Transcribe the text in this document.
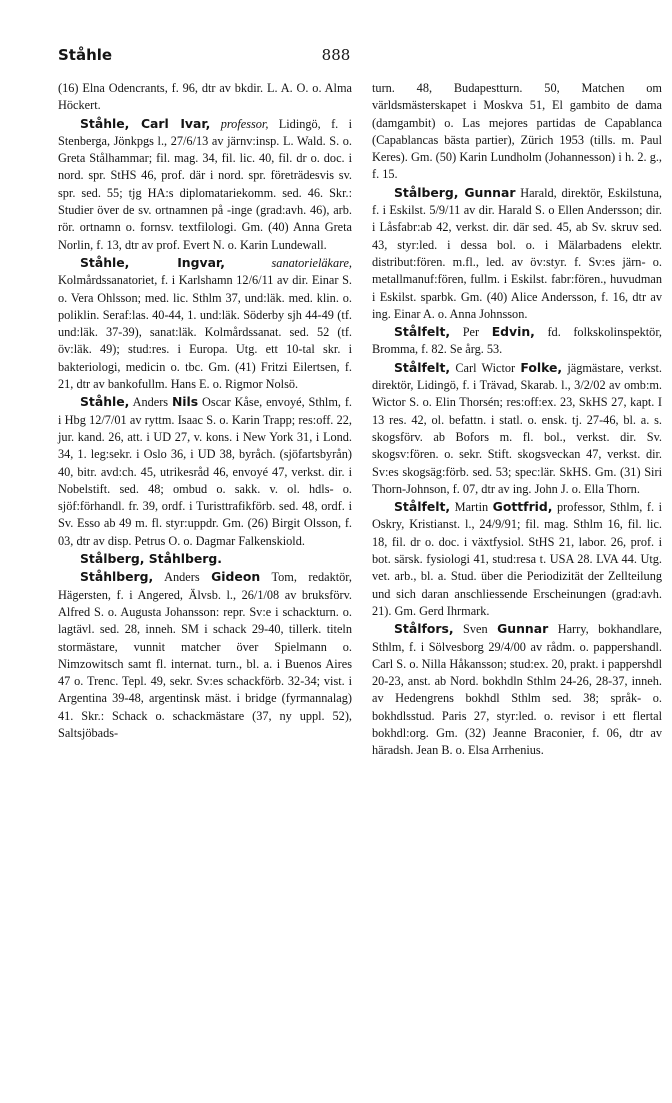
Ståhle	888

(16) Elna Odencrants, f. 96, dtr av bkdir. L. A. O. o. Alma Höckert.

Ståhle, Carl Ivar, professor, Lidingö, f. i Stenberga, Jönkpgs l., 27/6/13 av järnv:insp. L. Wald. S. o. Greta Stålhammar; fil. mag. 34, fil. lic. 40, fil. dr o. doc. i nord. spr. StHS 46, prof. där i nord. spr. företrädesvis sv. spr. sed. 55; tjg HA:s diplomatariekomm. sed. 46. Skr.: Studier över de sv. ortnamnen på -inge (grad:avh. 46), arb. rör. ortnamn o. fornsv. textfilologi. Gm. (40) Anna Greta Norlin, f. 13, dtr av prof. Evert N. o. Karin Lundewall.

Ståhle, Ingvar,	sanatorieläkare, Kolmårdssanatoriet, f. i Karlshamn 12/6/11 av dir. Einar S. o. Vera Ohlsson; med. lic. Sthlm 37, und:läk. med. klin. o. poliklin. Seraf:las. 40-44, 1. und:läk. Söderby sjh 44-49 (tf. und:läk. 37-39), sanat:läk. Kolmårdssanat. sed. 52 (tf. öv:läk. 49); stud:res. i Europa. Utg. ett 10-tal skr. i bakteriologi, medicin o. tbc. Gm. (41) Fritzi Eilertsen, f. 21, dtr av bankofullm. Hans E. o. Rigmor Nolsö.

Ståhle, Anders Nils Oscar Kåse, envoyé, Sthlm, f. i Hbg 12/7/01 av ryttm. Isaac S. o. Karin Trapp; res:off. 22, jur. kand. 26, att. i UD 27, v. kons. i New York 31, i Lond. 34, 1. leg:sekr. i Oslo 36, i UD 38, byråch. (sjöfartsbyrån) 40, bitr. avd:ch. 45, utrikesråd 46, envoyé 47, verkst. dir. i Nobelstift. sed. 48; ombud o. sakk. v. ol. hdls- o. sjöf:förhandl. fr. 39, ordf. i Turisttrafikförb. sed. 48, ordf. i Sv. Esso ab 49 m. fl. styr:uppdr. Gm. (26) Birgit Olsson, f. 03, dtr av disp. Petrus O. o. Dagmar Falkenskiold.

Stålberg, Ståhlberg.

Ståhlberg, Anders Gideon Tom, redaktör, Hägersten, f. i Angered, Älvsb. l., 26/1/08 av bruksförv. Alfred S. o. Augusta Johansson: repr. Sv:e i schackturn. o. lagtävl. sed. 28, inneh. SM i schack 29-40, tillerk. titeln stormästare, vunnit matcher över Spielmann o. Nimzowitsch samt fl. internat. turn., bl. a. i Buenos Aires 47 o. Trenc. Tepl. 49, sekr. Sv:es schackförb. 32-34; vist. i Argentina 39-48, argentinsk mäst. i bridge (fyrmannalag) 41. Skr.: Schack o. schackmästare (37, ny uppl. 52), Saltsjöbads-

turn. 48, Budapestturn. 50, Matchen om världsmästerskapet i Moskva 51, El gambito de dama (damgambit) o. Las mejores partidas de Capablanca (Capablancas bästa partier), Zürich 1953 (tills. m. Paul Keres). Gm. (50) Karin Lundholm (Johannesson) i h. 2. g., f. 15.

Stålberg, Gunnar Harald, direktör, Eskilstuna, f. i Eskilst. 5/9/11 av dir. Harald S. o Ellen Andersson; dir. i Låsfabr:ab 42, verkst. dir. där sed. 45, ab Sv. skruv sed. 43, styr:led. i dessa bol. o. i Mälarbadens elektr. distribut:fören. m.fl., led. av öv:styr. f. Sv:es järn- o. metallmanuf:fören, fullm. i Eskilst. fabr:fören., huvudman i Eskilst. sparbk. Gm. (40) Alice Andersson, f. 16, dtr av ing. Einar A. o. Anna Johnsson.

Stålfelt, Per Edvin, fd. folkskolinspektör, Bromma, f. 82. Se årg. 53.

Stålfelt, Carl Wictor Folke, jägmästare, verkst. direktör, Lidingö, f. i Trävad, Skarab. l., 3/2/02 av omb:m. Wictor S. o. Elin Thorsén; res:off:ex. 23, SkHS 27, kapt. I 13 res. 42, ol. befattn. i statl. o. ensk. tj. 27-46, bl. a. s. skogsförv. ab Bofors m. fl. bol., verkst. dir. Sv. skogsv:fören. o. sekr. Stift. skogsveckan 47, verkst. dir. Sv:es skogsäg:förb. sed. 53; spec:lär. SkHS. Gm. (31) Siri Thorn-Johnson, f. 07, dtr av ing. John J. o. Ella Thorn.

Stålfelt, Martin Gottfrid, professor, Sthlm, f. i Oskry, Kristianst. l., 24/9/91; fil. mag. Sthlm 16, fil. lic. 18, fil. dr o. doc. i växtfysiol. StHS 21, labor. 26, prof. i bot. särsk. fysiologi 41, stud:resa t. USA 28. LVA 44. Utg. vet. arb., bl. a. Stud. über die Periodizität der Zellteilung und sich daran anschliessende Erscheinungen (grad:avh. 21). Gm. Gerd Ihrmark.

Stålfors, Sven Gunnar Harry, bokhandlare, Sthlm, f. i Sölvesborg 29/4/00 av rådm. o. pappershandl. Carl S. o. Nilla Håkansson; stud:ex. 20, prakt. i pappershdl 20-23, anst. ab Nord. bokhdln Sthlm 24-26, 28-37, inneh. av Hedengrens bokhdl Sthlm sed. 38; språk- o. bokhdlsstud. Paris 27, styr:led. o. revisor i ett flertal bokhdl:org. Gm. (32) Jeanne Braconier, f. 06, dtr av häradsh. Jean B. o. Elsa Arrhenius.
